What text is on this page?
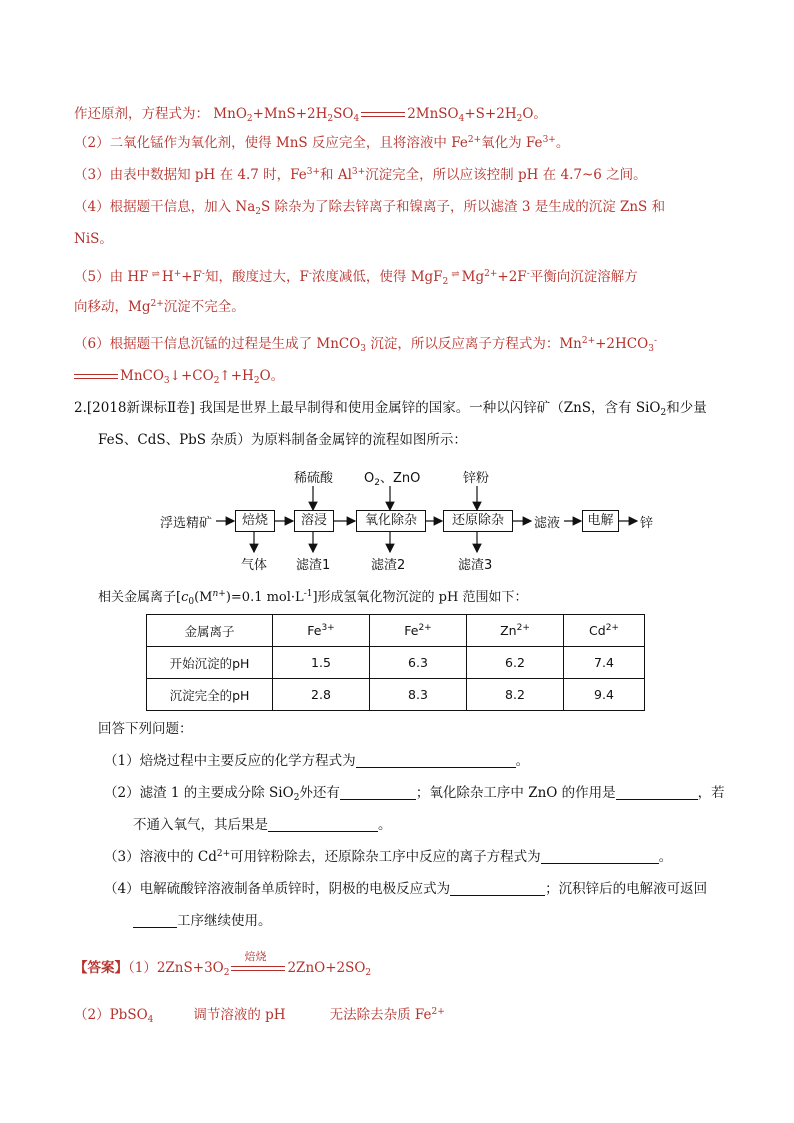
作还原剂，方程式为： $MnO_2+MnS+2H_2SO_4$	$2MnSO_4+S+2H_2O$。
（2）二氧化锰作为氧化剂，使得 MnS 反应完全，且将溶液中 $Fe^{2+}$氧化为 $Fe^{3+}$。
（3）由表中数据知 pH 在 4.7 时，$Fe^{3+}$和 $Al^{3+}$沉淀完全，所以应该控制 pH 在 4.7~6 之间。
（4）根据题干信息，加入 $Na_2S$ 除杂为了除去锌离子和镍离子，所以滤渣 3 是生成的沉淀 ZnS 和
NiS。
（5）由 HF ⇌ H++F-知，酸度过大，F-浓度减低，使得 MgF$_2$⇌ $Mg^{2+}+2F^-$平衡向沉淀溶解方
向移动，$Mg^{2+}$沉淀不完全。
（6）根据题干信息沉锰的过程是生成了 MnCO$_3$ 沉淀，所以反应离子方程式为：$Mn^{2+}+2HCO_3^-$
$MnCO_3↓+CO_2↑+H_2O$。
2.[2018新课标Ⅱ卷] 我国是世界上最早制得和使用金属锌的国家。一种以闪锌矿（ZnS，含有 SiO$_2$和少量
FeS、CdS、PbS 杂质）为原料制备金属锌的流程如图所示：
浮选精矿	焙烧	溶浸	氧化除杂	还原除杂	滤液	电解	锌
稀硫酸 $O_2$、ZnO	锌粉
气体 滤渣1	滤渣2	滤渣3
相关金属离子[$c_0(M^{n+})=0.1$ $mol\cdot L^{-1}$]形成氢氧化物沉淀的 pH 范围如下：
金属离子	$Fe^{3+}$	$Fe^{2+}$	$Zn^{2+}$	$Cd^{2+}$
开始沉淀的pH	1.5	6.3	6.2	7.4
沉淀完全的pH	2.8	8.3	8.2	9.4
回答下列问题：
（1）焙烧过程中主要反应的化学方程式为	。
（2）滤渣 1 的主要成分除 SiO$_2$外还有	；氧化除杂工序中 ZnO 的作用是	，若
不通入氧气，其后果是	。
（3）溶液中的 $Cd^{2+}$可用锌粉除去，还原除杂工序中反应的离子方程式为	。
（4）电解硫酸锌溶液制备单质锌时，阴极的电极反应式为	；沉积锌后的电解液可返回
工序继续使用。
【答案】$(1)2ZnS+3O_2$
焙烧
$2ZnO+2SO_2$
（2）PbSO$_4$	调节溶液的 pH	无法除去杂质 $Fe^{2+}$
